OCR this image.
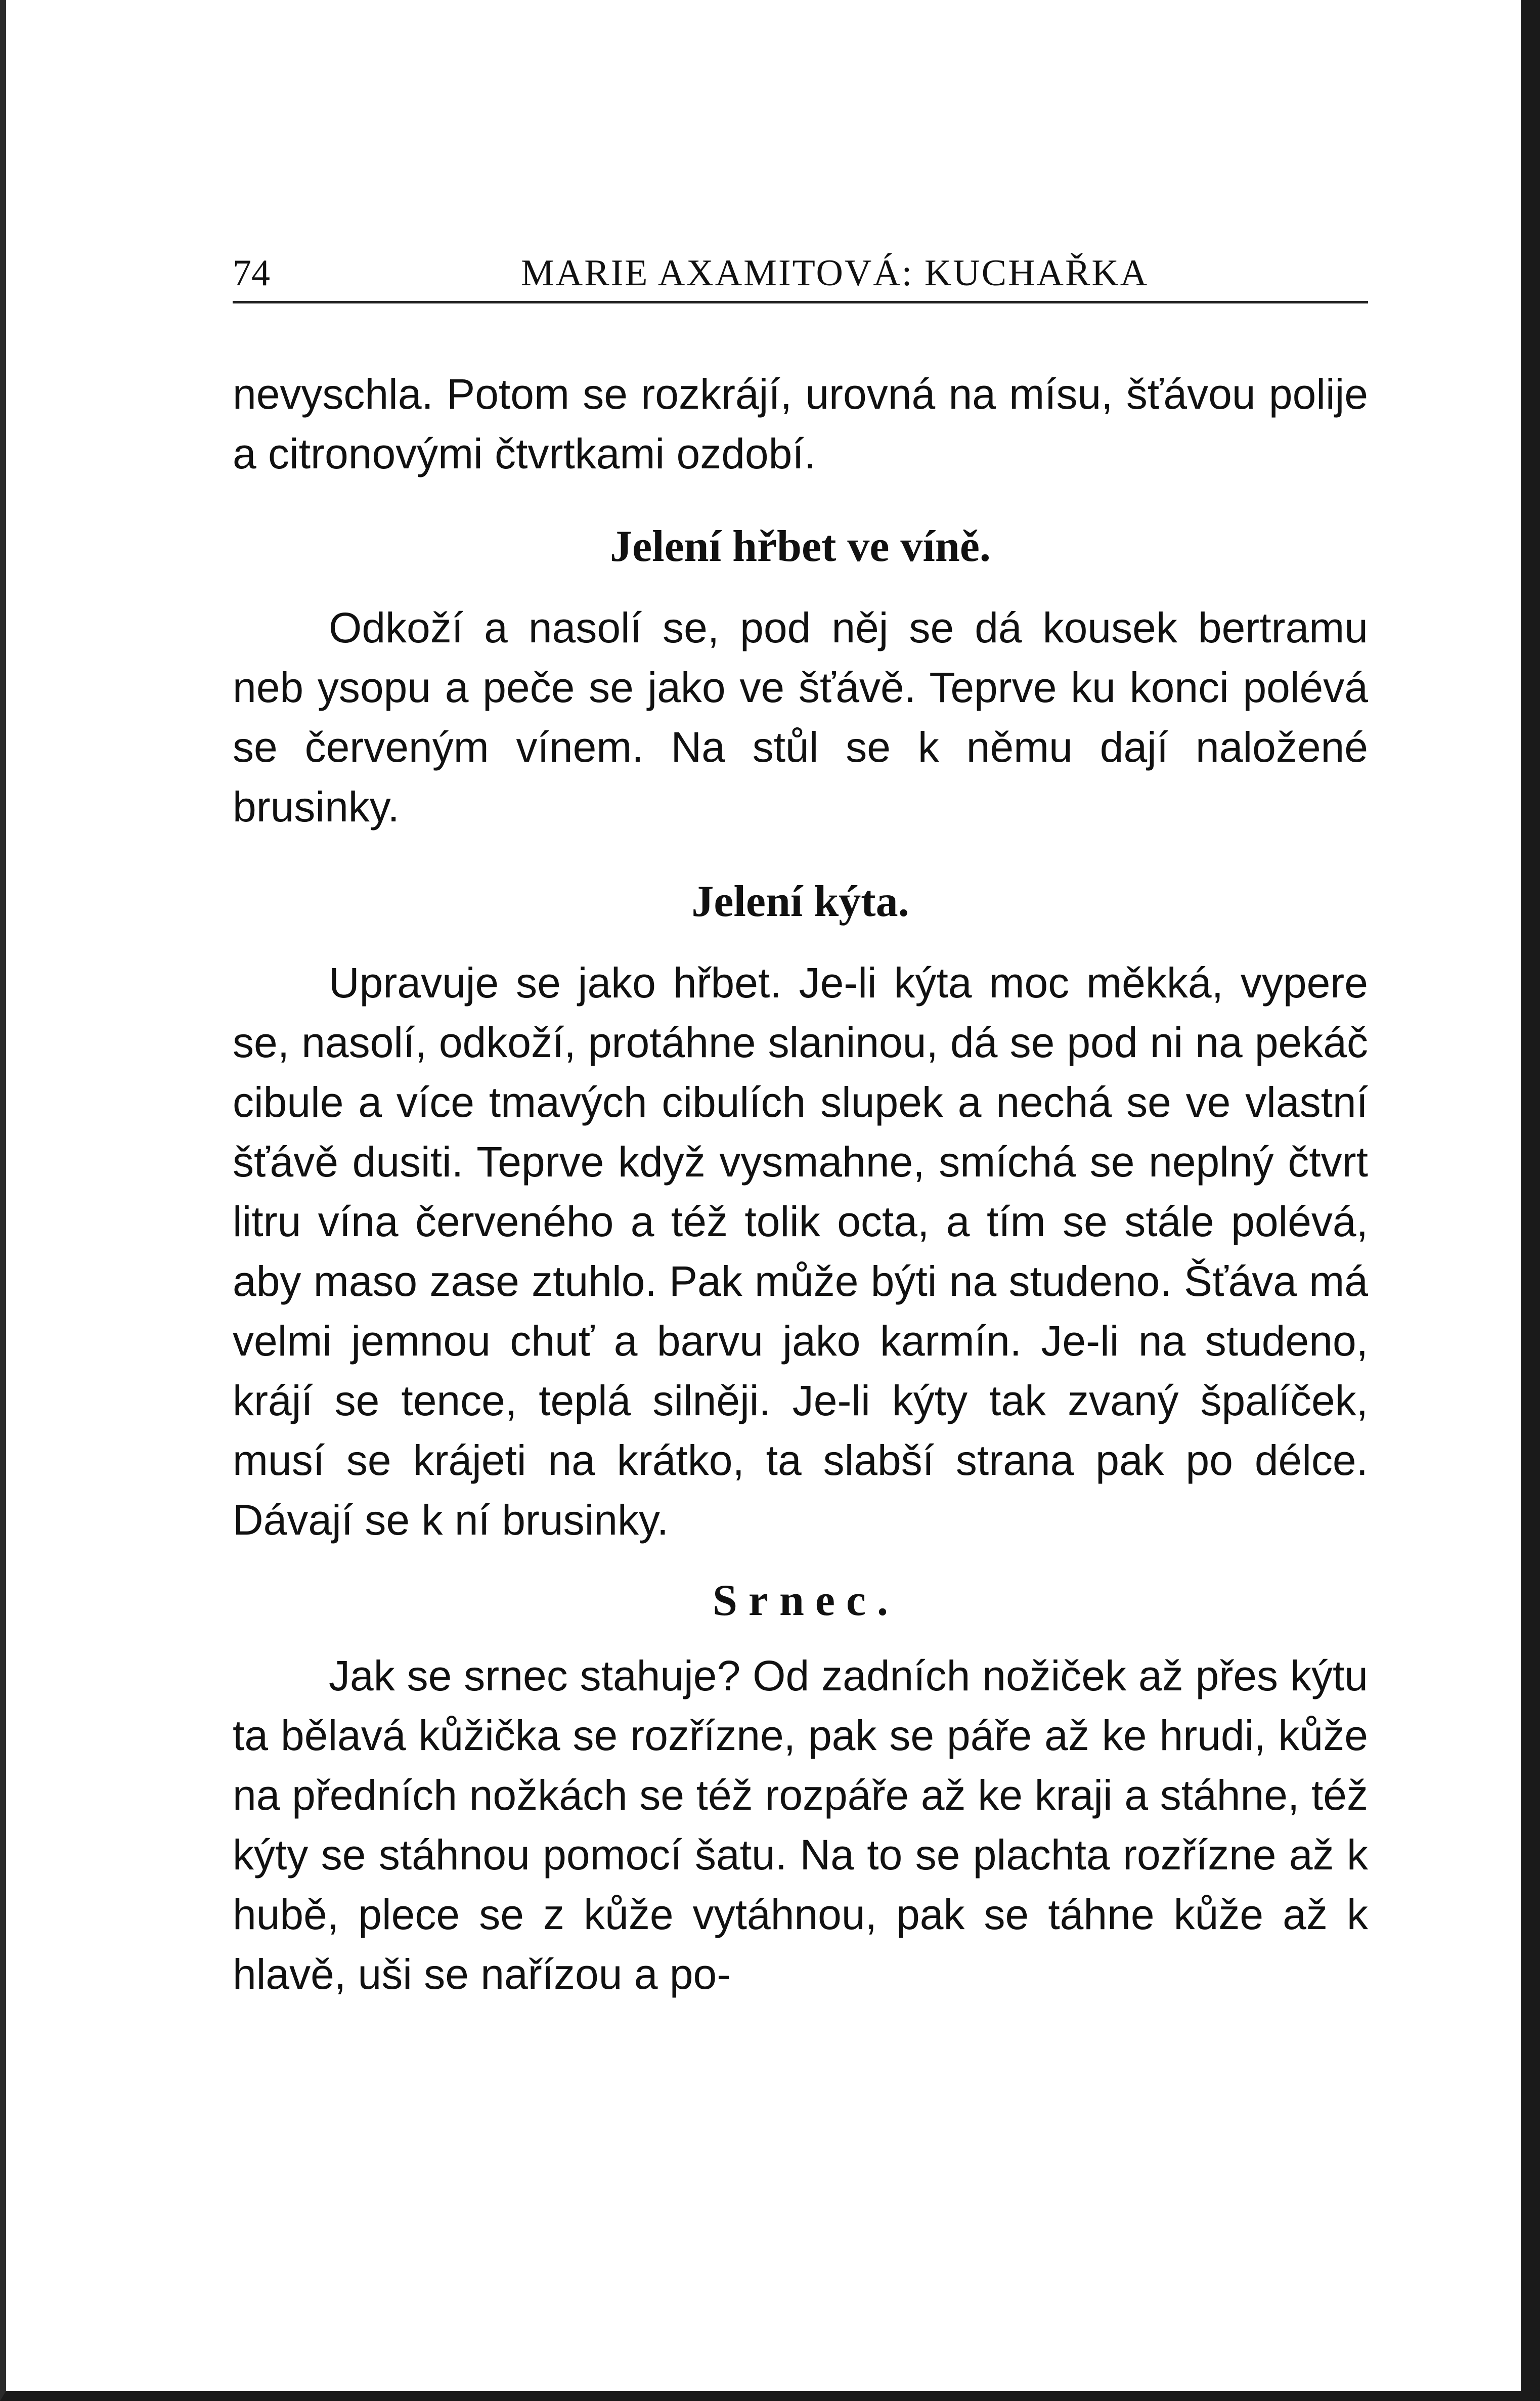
74	MARIE AXAMITOVÁ: KUCHAŘKA

nevyschla. Potom se rozkrájí, urovná na mísu, šťávou polije a citronovými čtvrtkami ozdobí.

Jelení hřbet ve víně.

Odkoží a nasolí se, pod něj se dá kousek bertramu neb ysopu a peče se jako ve šťávě. Teprve ku konci polévá se červeným vínem. Na stůl se k němu dají naložené brusinky.

Jelení kýta.

Upravuje se jako hřbet. Je-li kýta moc měkká, vypere se, nasolí, odkoží, protáhne slaninou, dá se pod ni na pekáč cibule a více tmavých cibulích slupek a nechá se ve vlastní šťávě dusiti. Teprve když vysmahne, smíchá se neplný čtvrt litru vína červeného a též tolik octa, a tím se stále polévá, aby maso zase ztuhlo. Pak může býti na studeno. Šťáva má velmi jemnou chuť a barvu jako karmín. Je-li na studeno, krájí se tence, teplá silněji. Je-li kýty tak zvaný špalíček, musí se krájeti na krátko, ta slabší strana pak po délce. Dávají se k ní brusinky.

Srnec.

Jak se srnec stahuje? Od zadních nožiček až přes kýtu ta bělavá kůžička se rozřízne, pak se páře až ke hrudi, kůže na předních nožkách se též rozpáře až ke kraji a stáhne, též kýty se stáhnou pomocí šatu. Na to se plachta rozřízne až k hubě, plece se z kůže vytáhnou, pak se táhne kůže až k hlavě, uši se nařízou a po-
